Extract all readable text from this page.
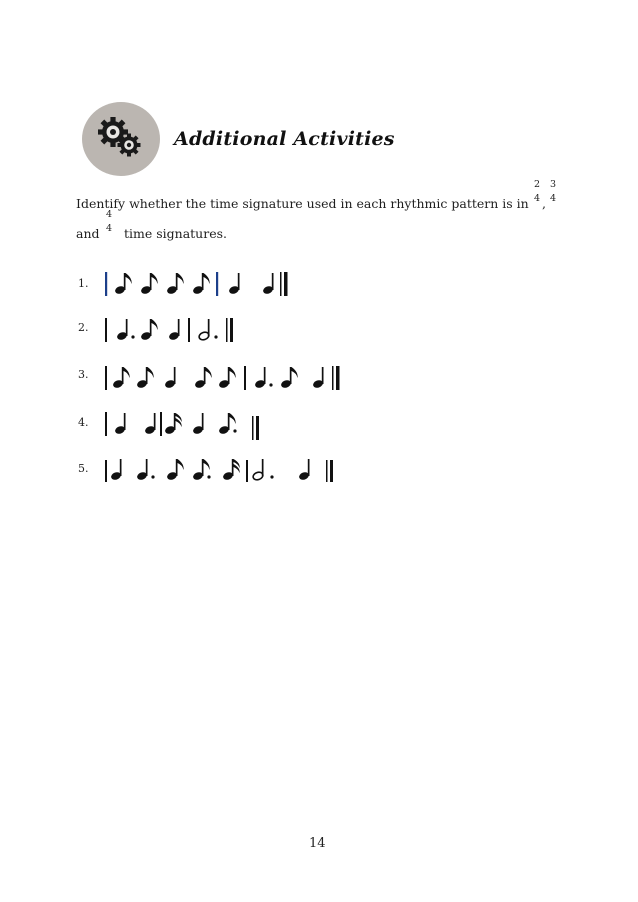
Additional Activities
Identify whether the time signature used in each rhythmic pattern is in
2
4 ,
3
4
and
4
4 time signatures.
1.
2.
3.
4.
5.
14
